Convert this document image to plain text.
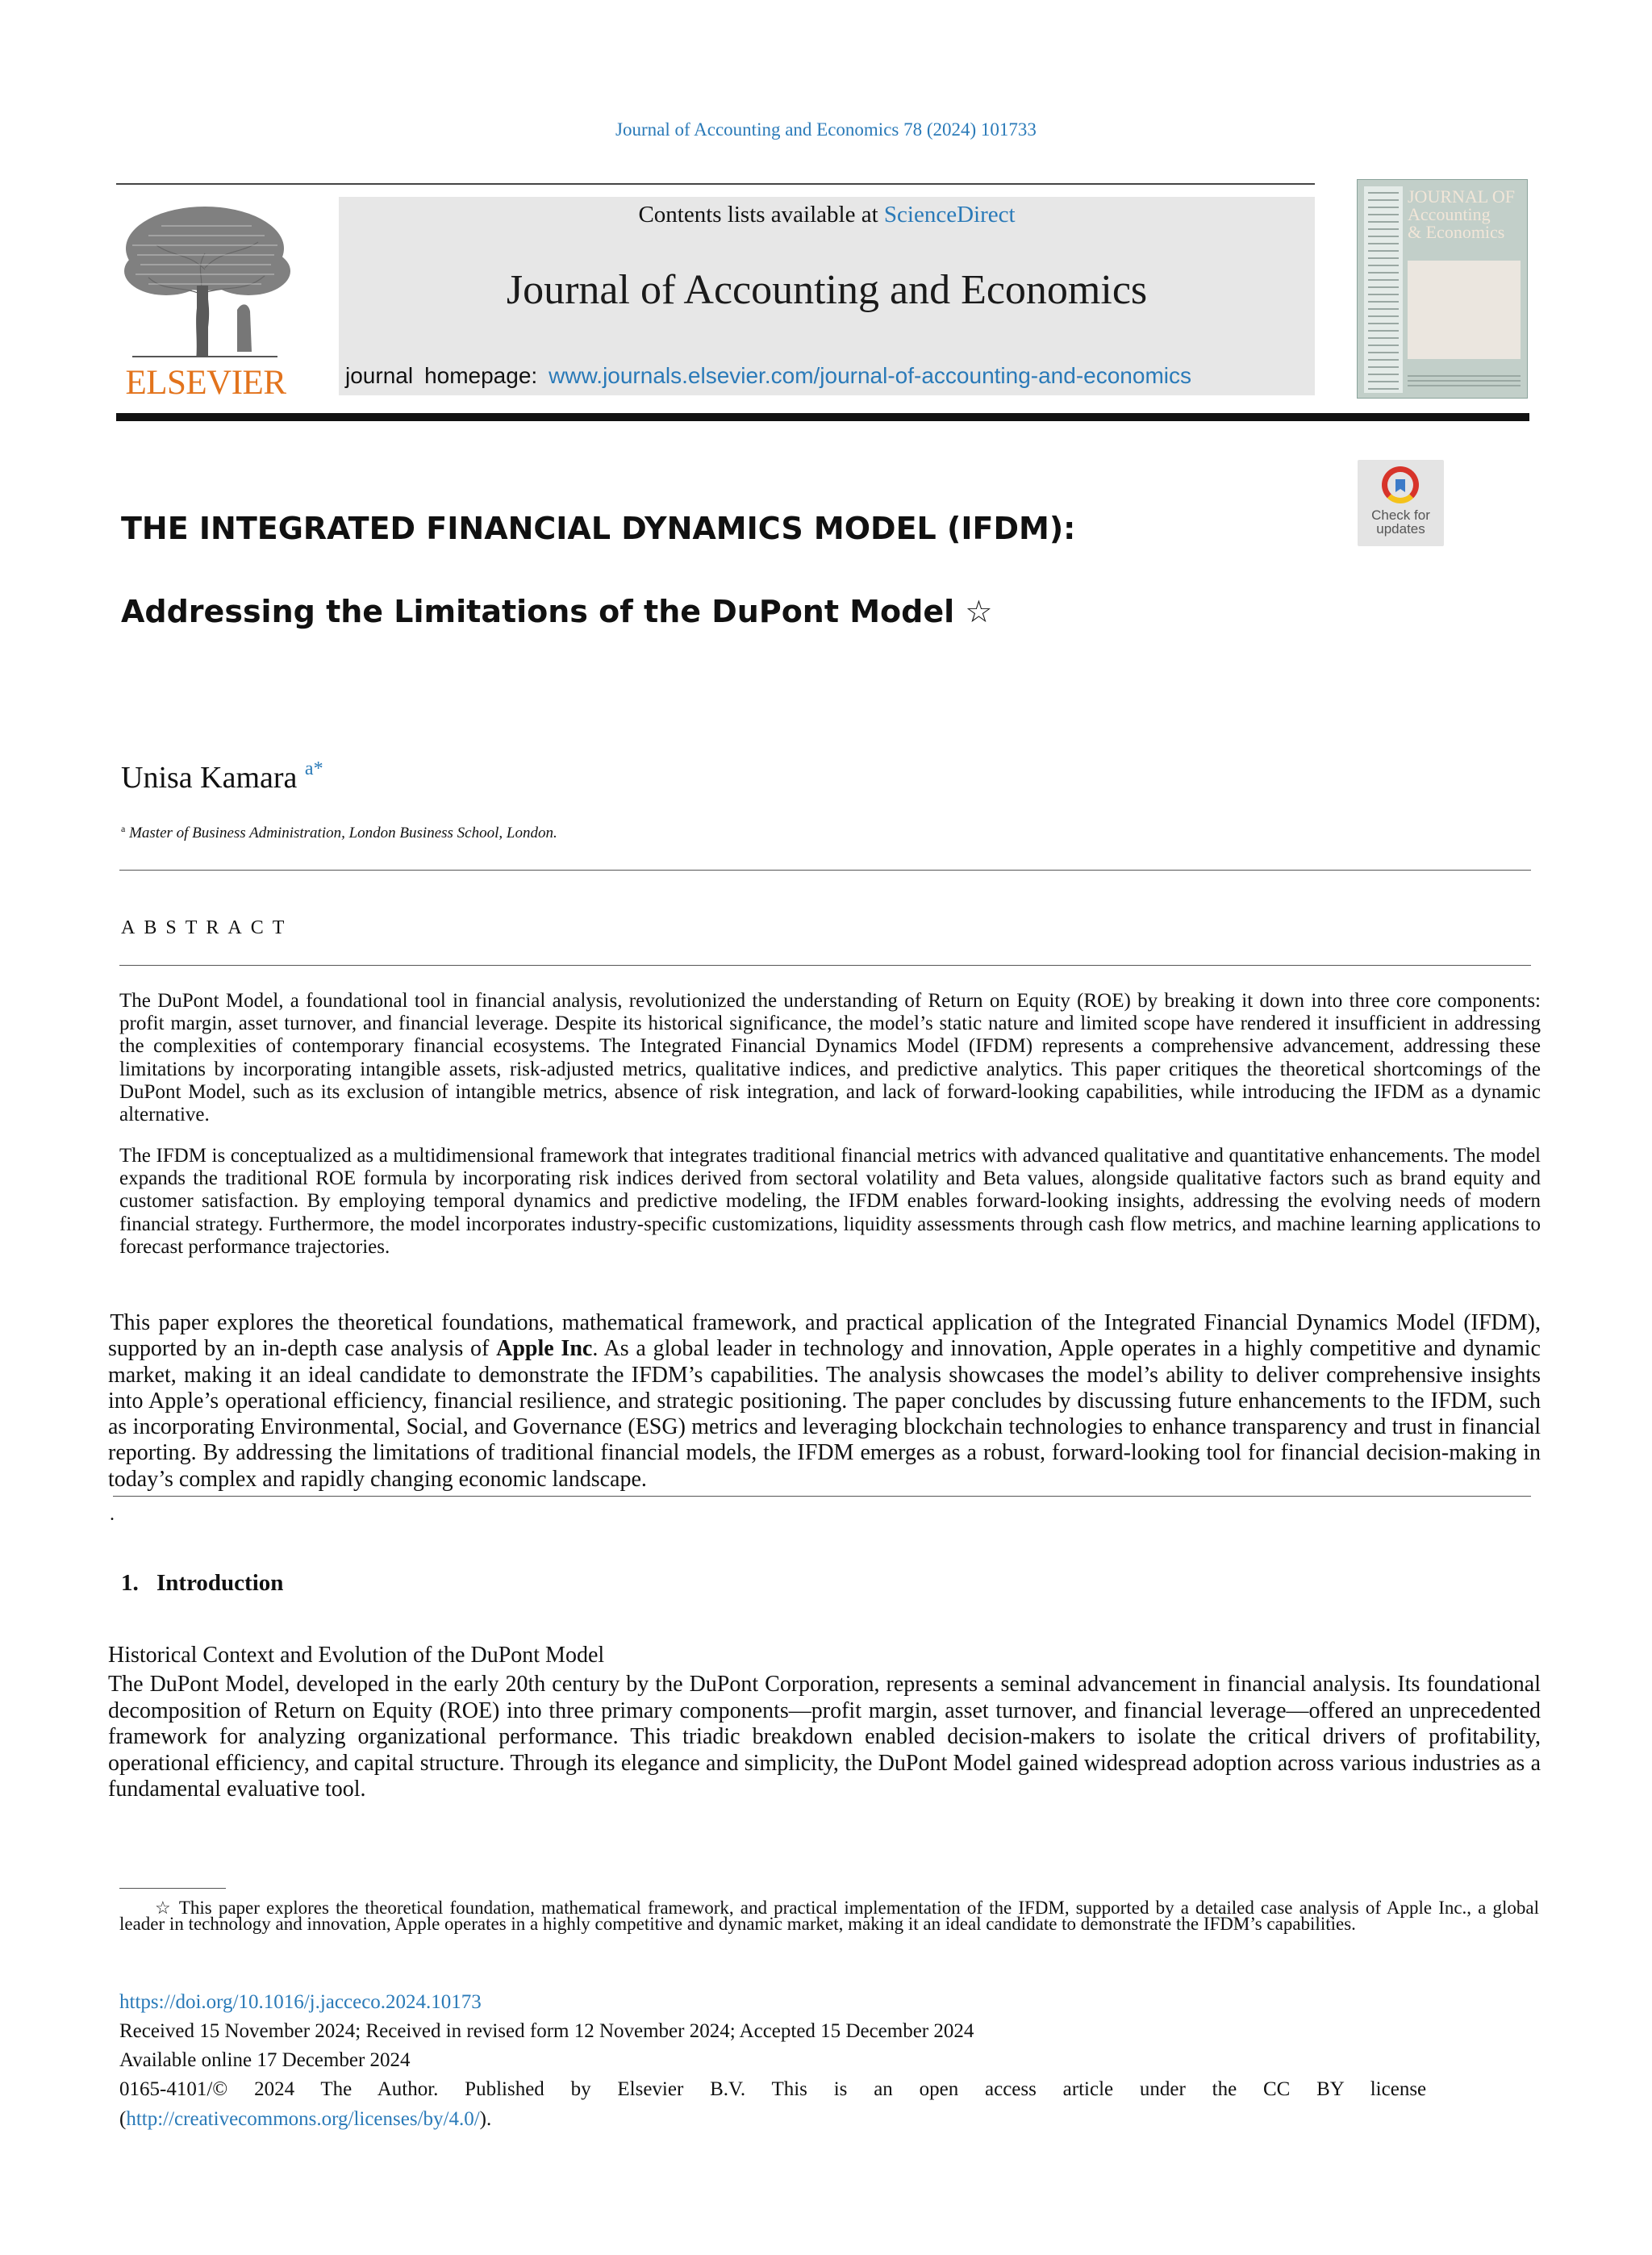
Journal of Accounting and Economics 78 (2024) 101733
ELSEVIER
Contents lists available at ScienceDirect
Journal of Accounting and Economics
journal homepage: www.journals.elsevier.com/journal-of-accounting-and-economics
JOURNAL OF
Accounting
& Economics
Check for
updates
THE INTEGRATED FINANCIAL DYNAMICS MODEL (IFDM):
Addressing the Limitations of the DuPont Model ☆
Unisa Kamara $^{a*}$
$^a$ Master of Business Administration, London Business School, London.
ABSTRACT
The DuPont Model, a foundational tool in financial analysis, revolutionized the understanding of Return on Equity (ROE) by breaking it down into three core components: profit margin, asset turnover, and financial leverage. Despite its historical significance, the model’s static nature and limited scope have rendered it insufficient in addressing the complexities of contemporary financial ecosystems. The Integrated Financial Dynamics Model (IFDM) represents a comprehensive advancement, addressing these limitations by incorporating intangible assets, risk-adjusted metrics, qualitative indices, and predictive analytics. This paper critiques the theoretical shortcomings of the DuPont Model, such as its exclusion of intangible metrics, absence of risk integration, and lack of forward-looking capabilities, while introducing the IFDM as a dynamic alternative.
The IFDM is conceptualized as a multidimensional framework that integrates traditional financial metrics with advanced qualitative and quantitative enhancements. The model expands the traditional ROE formula by incorporating risk indices derived from sectoral volatility and Beta values, alongside qualitative factors such as brand equity and customer satisfaction. By employing temporal dynamics and predictive modeling, the IFDM enables forward-looking insights, addressing the evolving needs of modern financial strategy. Furthermore, the model incorporates industry-specific customizations, liquidity assessments through cash flow metrics, and machine learning applications to forecast performance trajectories.
 This paper explores the theoretical foundations, mathematical framework, and practical application of the Integrated Financial Dynamics Model (IFDM), supported by an in-depth case analysis of Apple Inc. As a global leader in technology and innovation, Apple operates in a highly competitive and dynamic market, making it an ideal candidate to demonstrate the IFDM’s capabilities. The analysis showcases the model’s ability to deliver comprehensive insights into Apple’s operational efficiency, financial resilience, and strategic positioning. The paper concludes by discussing future enhancements to the IFDM, such as incorporating Environmental, Social, and Governance (ESG) metrics and leveraging blockchain technologies to enhance transparency and trust in financial reporting. By addressing the limitations of traditional financial models, the IFDM emerges as a robust, forward-looking tool for financial decision-making in today’s complex and rapidly changing economic landscape.
.
1. Introduction
Historical Context and Evolution of the DuPont Model
The DuPont Model, developed in the early 20th century by the DuPont Corporation, represents a seminal advancement in financial analysis. Its foundational decomposition of Return on Equity (ROE) into three primary components—profit margin, asset turnover, and financial leverage—offered an unprecedented framework for analyzing organizational performance. This triadic breakdown enabled decision-makers to isolate the critical drivers of profitability, operational efficiency, and capital structure. Through its elegance and simplicity, the DuPont Model gained widespread adoption across various industries as a fundamental evaluative tool.
☆ This paper explores the theoretical foundation, mathematical framework, and practical implementation of the IFDM, supported by a detailed case analysis of Apple Inc., a global leader in technology and innovation, Apple operates in a highly competitive and dynamic market, making it an ideal candidate to demonstrate the IFDM’s capabilities.
https://doi.org/10.1016/j.jacceco.2024.10173
Received 15 November 2024; Received in revised form 12 November 2024; Accepted 15 December 2024
Available online 17 December 2024
0165-4101/© 2024 The Author. Published by Elsevier B.V. This is an open access article under the CC BY license
(http://creativecommons.org/licenses/by/4.0/).
